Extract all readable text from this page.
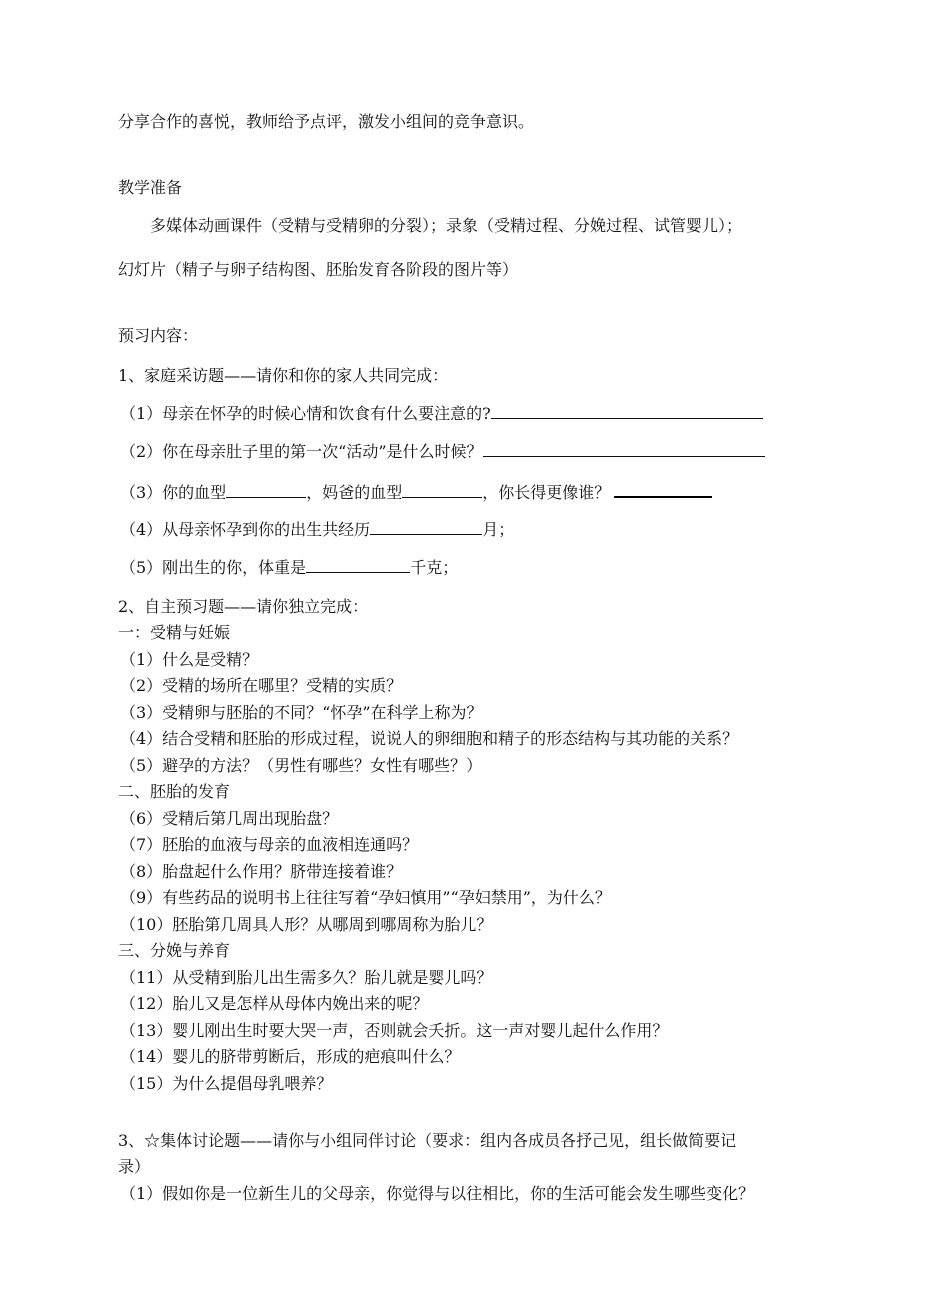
分享合作的喜悦，教师给予点评，激发小组间的竞争意识。
教学准备
多媒体动画课件（受精与受精卵的分裂）；录象（受精过程、分娩过程、试管婴儿）；
幻灯片（精子与卵子结构图、胚胎发育各阶段的图片等）
预习内容：
1、家庭采访题——请你和你的家人共同完成：
（1）母亲在怀孕的时候心情和饮食有什么要注意的?
（2）你在母亲肚子里的第一次“活动”是什么时候？
（3）你的血型	，妈爸的血型	，你长得更像谁？
（4）从母亲怀孕到你的出生共经历	月；
（5）刚出生的你，体重是	千克；
2、自主预习题——请你独立完成：
一：受精与妊娠
（1）什么是受精？
（2）受精的场所在哪里？受精的实质？
（3）受精卵与胚胎的不同？“怀孕”在科学上称为？
（4）结合受精和胚胎的形成过程，说说人的卵细胞和精子的形态结构与其功能的关系？
（5）避孕的方法？（男性有哪些？女性有哪些？）
二、胚胎的发育
（6）受精后第几周出现胎盘？
（7）胚胎的血液与母亲的血液相连通吗？
（8）胎盘起什么作用？脐带连接着谁？
（9）有些药品的说明书上往往写着“孕妇慎用”“孕妇禁用”，为什么？
（10）胚胎第几周具人形？从哪周到哪周称为胎儿？
三、分娩与养育
（11）从受精到胎儿出生需多久？胎儿就是婴儿吗？
（12）胎儿又是怎样从母体内娩出来的呢？
（13）婴儿刚出生时要大哭一声，否则就会夭折。这一声对婴儿起什么作用？
（14）婴儿的脐带剪断后，形成的疤痕叫什么？
（15）为什么提倡母乳喂养？
3、☆集体讨论题——请你与小组同伴讨论（要求：组内各成员各抒己见，组长做简要记
录）
（1）假如你是一位新生儿的父母亲，你觉得与以往相比，你的生活可能会发生哪些变化？
